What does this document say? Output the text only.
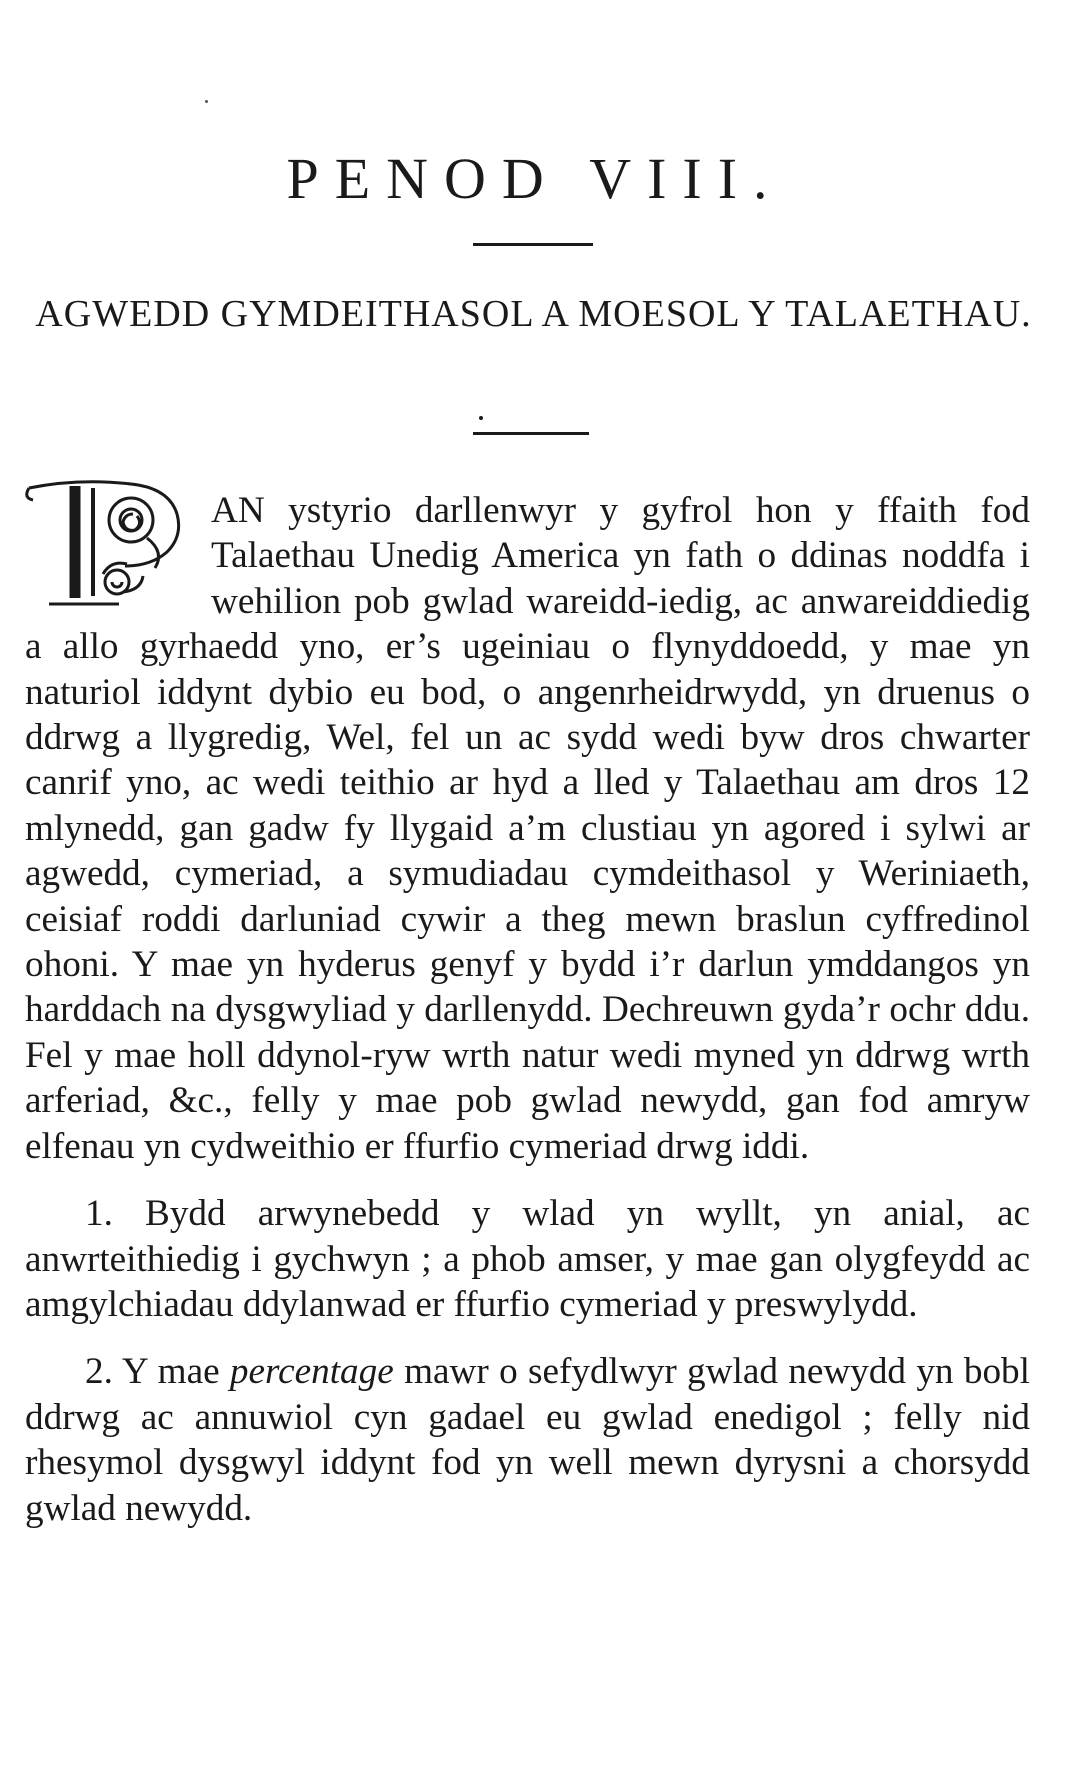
PENOD VIII.
AGWEDD GYMDEITHASOL A MOESOL Y TALAETHAU.

AN ystyrio darllenwyr y gyfrol hon y ffaith fod Talaethau Unedig America yn fath o ddinas noddfa i wehilion pob gwlad wareidd-iedig, ac anwareiddiedig a allo gyrhaedd yno, er’s ugeiniau o flynyddoedd, y mae yn naturiol iddynt dybio eu bod, o angenrheidrwydd, yn druenus o ddrwg a llygredig, Wel, fel un ac sydd wedi byw dros chwarter canrif yno, ac wedi teithio ar hyd a lled y Talaethau am dros 12 mlynedd, gan gadw fy llygaid a’m clustiau yn agored i sylwi ar agwedd, cymeriad, a symudiadau cymdeithasol y Weriniaeth, ceisiaf roddi darluniad cywir a theg mewn braslun cyffredinol ohoni. Y mae yn hyderus genyf y bydd i’r darlun ymddangos yn harddach na dysgwyliad y darllenydd. Dechreuwn gyda’r ochr ddu. Fel y mae holl ddynol-ryw wrth natur wedi myned yn ddrwg wrth arferiad, &c., felly y mae pob gwlad newydd, gan fod amryw elfenau yn cydweithio er ffurfio cymeriad drwg iddi.

1. Bydd arwynebedd y wlad yn wyllt, yn anial, ac anwrteithiedig i gychwyn ; a phob amser, y mae gan olygfeydd ac amgylchiadau ddylanwad er ffurfio cymeriad y preswylydd.

2. Y mae percentage mawr o sefydlwyr gwlad newydd yn bobl ddrwg ac annuwiol cyn gadael eu gwlad enedigol ; felly nid rhesymol dysgwyl iddynt fod yn well mewn dyrysni a chorsydd gwlad newydd.
